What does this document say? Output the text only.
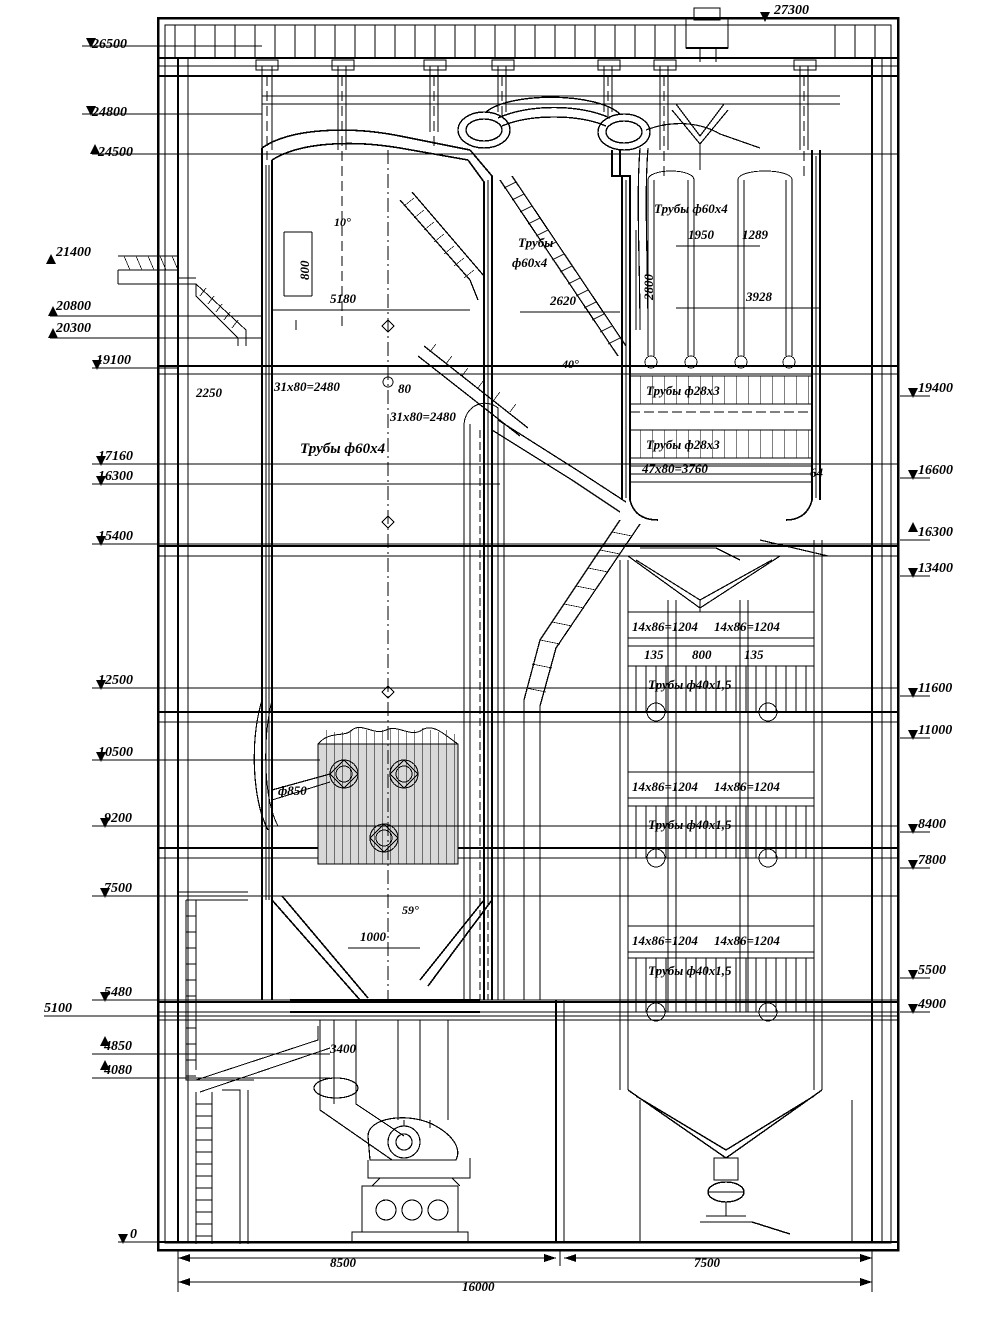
26500
24800
24500
21400
20800
20300
19100
17160
16300
15400
12500
10500
9200
7500
5480
5100
4850
4080
0
27300
19400
16600
16300
13400
11600
11000
8400
7800
5500
4900
800
10°
5180
2250	31x80=2480	80
31x80=2480
2620
2800
1950 1289
3928
40°
47x80=3760	64
14x86=1204 14x86=1204
135 800	135
14x86=1204 14x86=1204
14x86=1204 14x86=1204
ф850
59°
1000
3400
Трубы
ф60x4
Трубы ф60x4
Трубы ф60x4
Трубы ф28x3
Трубы ф28x3
Трубы ф40x1,5
Трубы ф40x1,5
Трубы ф40x1,5
8500	7500
16000
